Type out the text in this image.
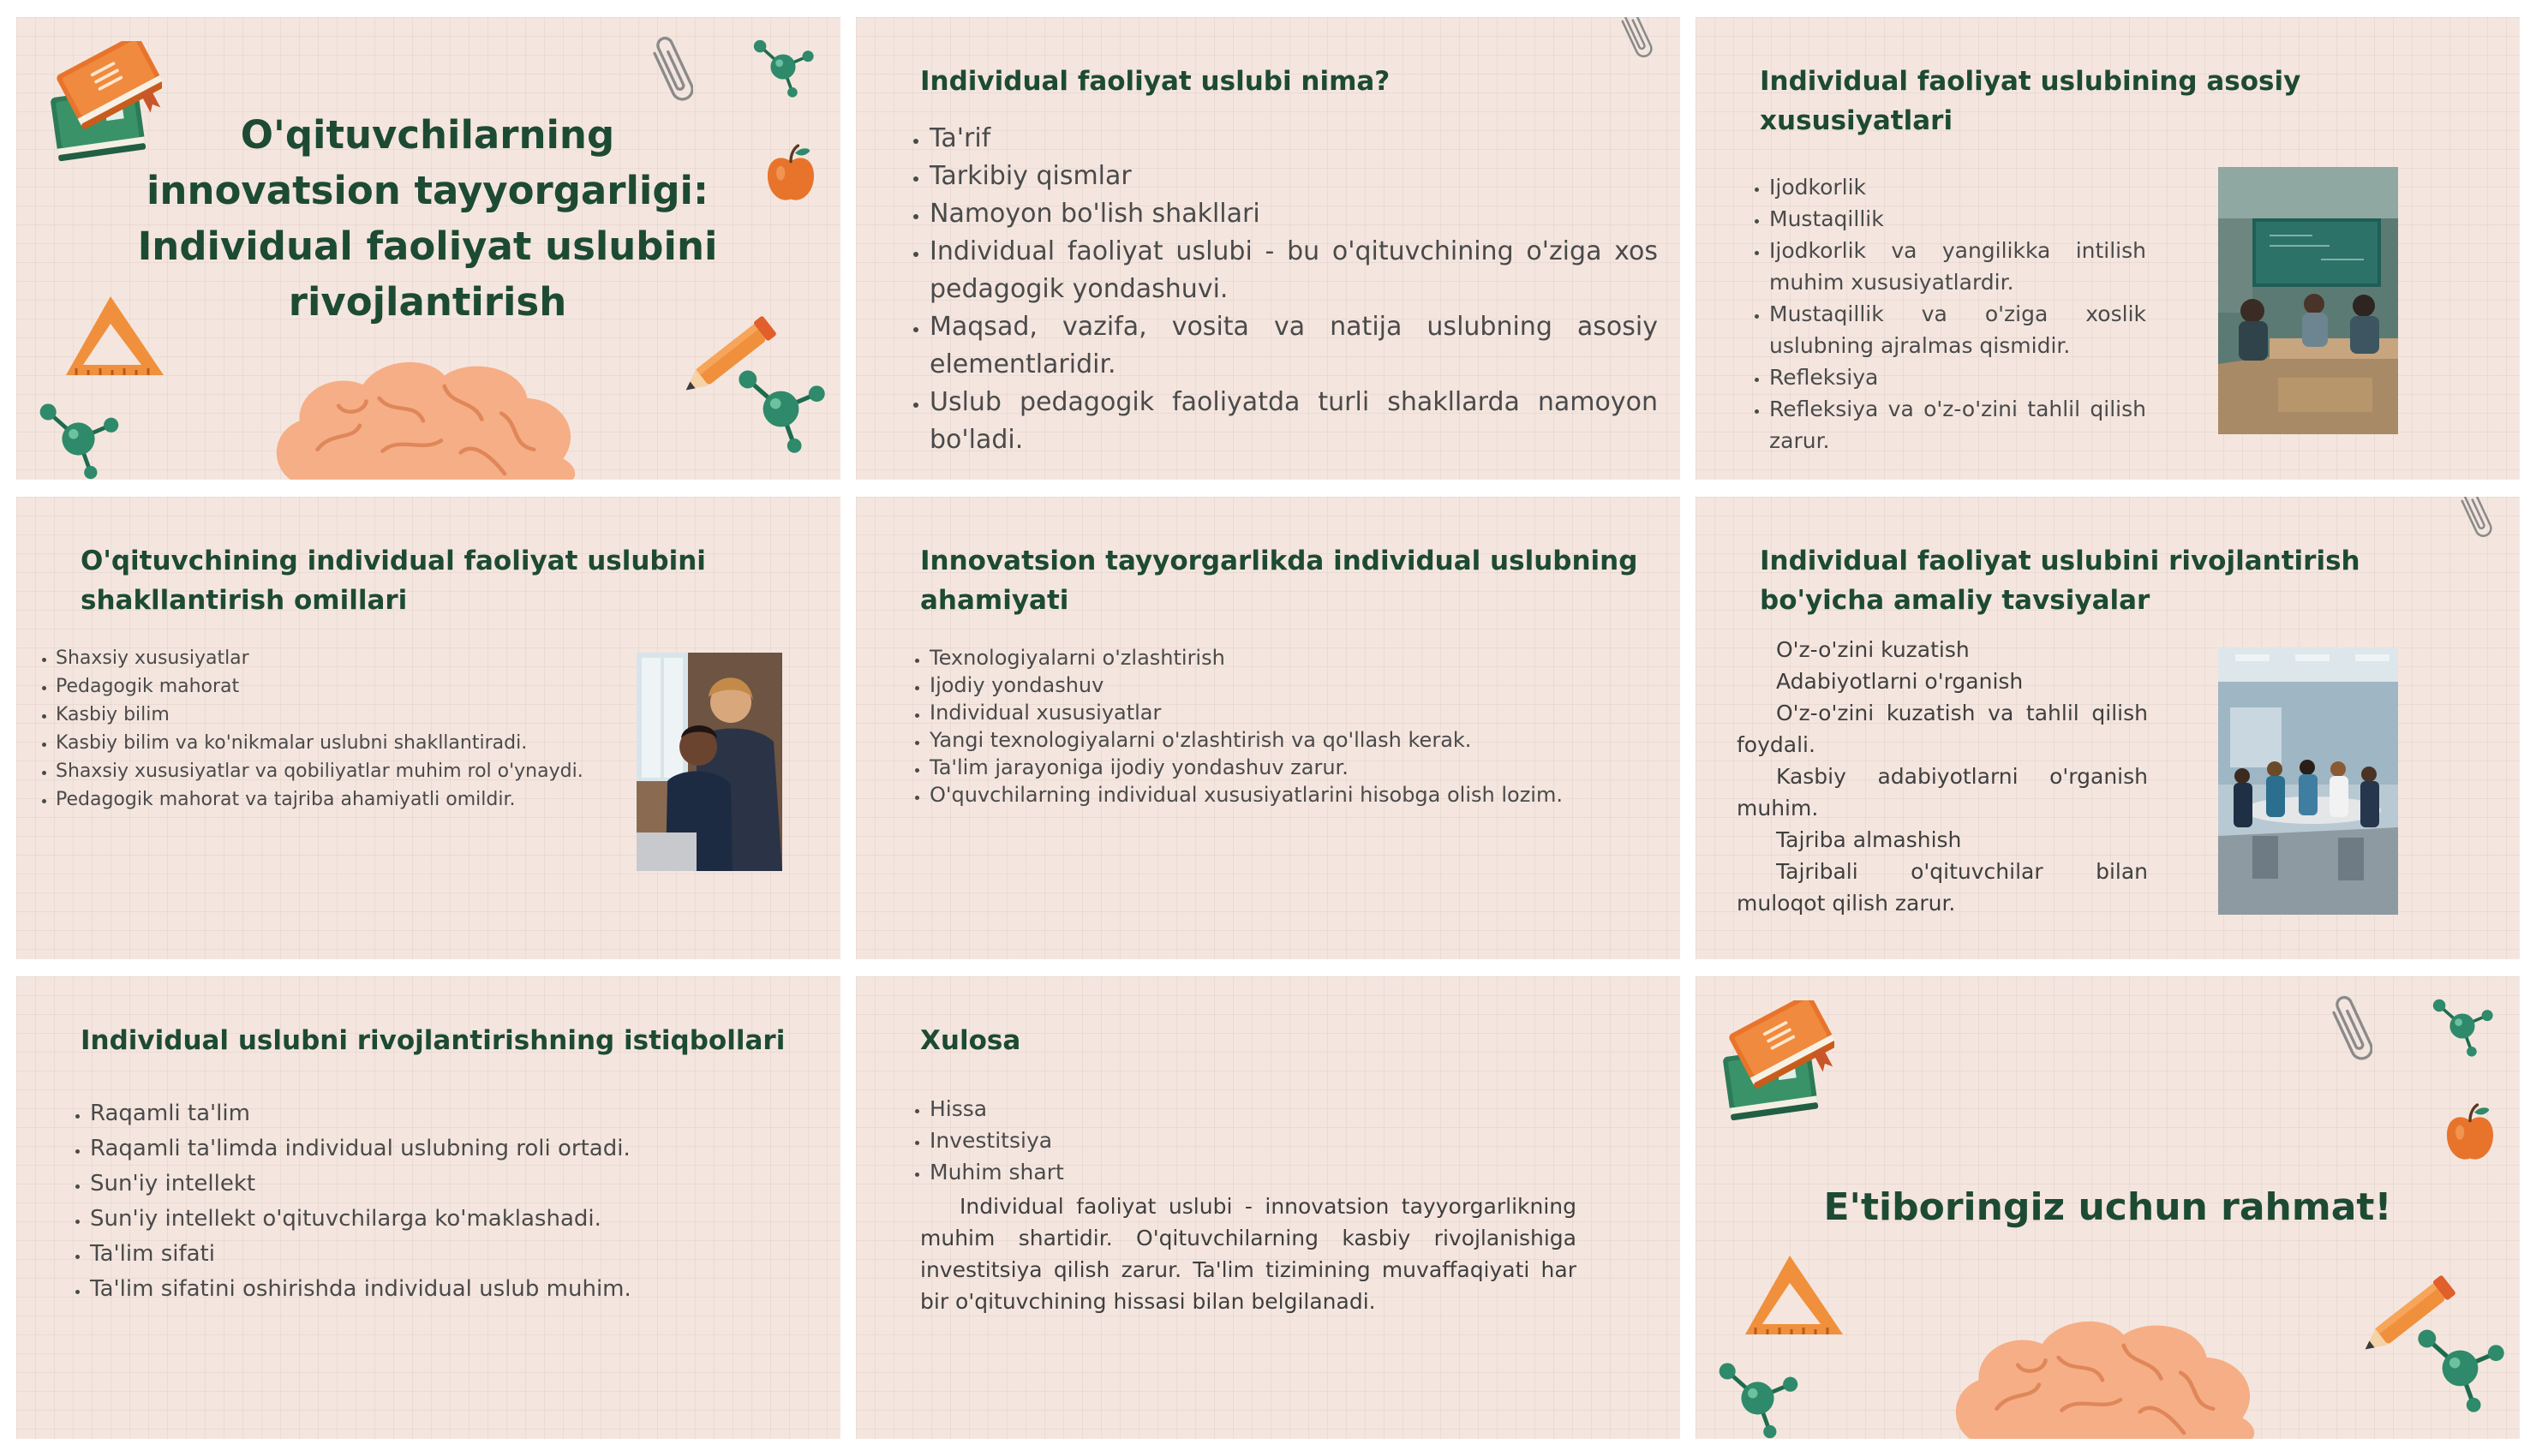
O'qituvchilarning innovatsion tayyorgarligi: Individual faoliyat uslubini rivojlantirish
Individual faoliyat uslubi nima?
• Ta'rif
• Tarkibiy qismlar
• Namoyon bo'lish shakllari
• Individual faoliyat uslubi - bu o'qituvchining o'ziga xos pedagogik yondashuvi.
• Maqsad, vazifa, vosita va natija uslubning asosiy elementlaridir.
• Uslub pedagogik faoliyatda turli shakllarda namoyon bo'ladi.
Individual faoliyat uslubining asosiy xususiyatlari
• Ijodkorlik
• Mustaqillik
• Ijodkorlik va yangilikka intilish muhim xususiyatlardir.
• Mustaqillik va o'ziga xoslik uslubning ajralmas qismidir.
• Refleksiya
• Refleksiya va o'z-o'zini tahlil qilish zarur.
O'qituvchining individual faoliyat uslubini shakllantirish omillari
• Shaxsiy xususiyatlar
• Pedagogik mahorat
• Kasbiy bilim
• Kasbiy bilim va ko'nikmalar uslubni shakllantiradi.
• Shaxsiy xususiyatlar va qobiliyatlar muhim rol o'ynaydi.
• Pedagogik mahorat va tajriba ahamiyatli omildir.
Innovatsion tayyorgarlikda individual uslubning ahamiyati
• Texnologiyalarni o'zlashtirish
• Ijodiy yondashuv
• Individual xususiyatlar
• Yangi texnologiyalarni o'zlashtirish va qo'llash kerak.
• Ta'lim jarayoniga ijodiy yondashuv zarur.
• O'quvchilarning individual xususiyatlarini hisobga olish lozim.
Individual faoliyat uslubini rivojlantirish bo'yicha amaliy tavsiyalar

O'z-o'zini kuzatish

Adabiyotlarni o'rganish

O'z-o'zini kuzatish va tahlil qilish foydali.

Kasbiy adabiyotlarni o'rganish muhim.

Tajriba almashish

Tajribali o'qituvchilar bilan muloqot qilish zarur.

Individual uslubni rivojlantirishning istiqbollari
• Raqamli ta'lim
• Raqamli ta'limda individual uslubning roli ortadi.
• Sun'iy intellekt
• Sun'iy intellekt o'qituvchilarga ko'maklashadi.
• Ta'lim sifati
• Ta'lim sifatini oshirishda individual uslub muhim.
Xulosa
• Hissa
• Investitsiya
• Muhim shart

Individual faoliyat uslubi - innovatsion tayyorgarlikning muhim shartidir. O'qituvchilarning kasbiy rivojlanishiga investitsiya qilish zarur. Ta'lim tizimining muvaffaqiyati har bir o'qituvchining hissasi bilan belgilanadi.

E'tiboringiz uchun rahmat!
